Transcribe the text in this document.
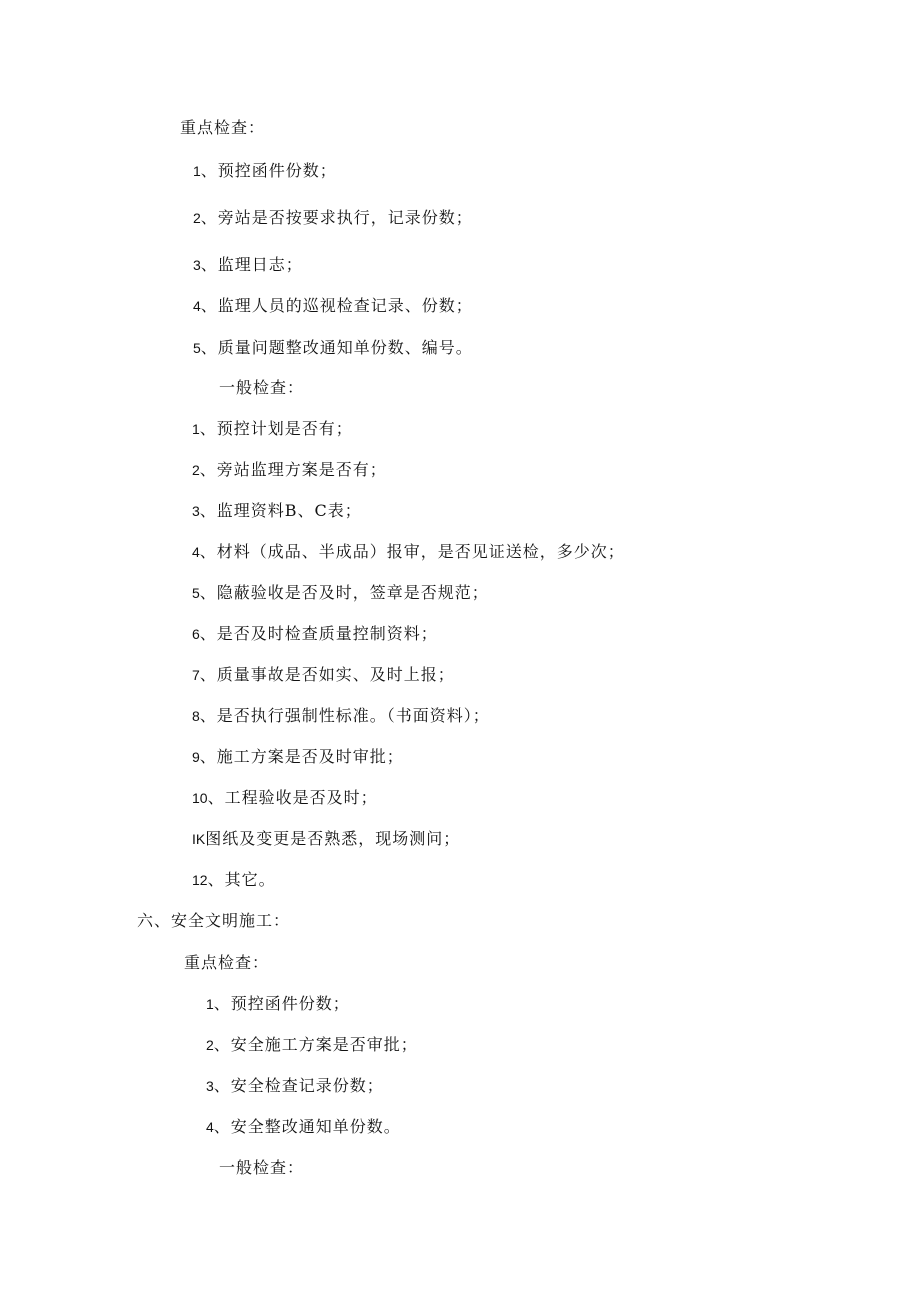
重点检查：
1、预控函件份数；
2、旁站是否按要求执行，记录份数；
3、监理日志；
4、监理人员的巡视检查记录、份数；
5、质量问题整改通知单份数、编号。
一般检查：
1、预控计划是否有；
2、旁站监理方案是否有；
3、监理资料B、C表；
4、材料（成品、半成品）报审，是否见证送检，多少次；
5、隐蔽验收是否及时，签章是否规范；
6、是否及时检查质量控制资料；
7、质量事故是否如实、及时上报；
8、是否执行强制性标准。（书面资料）；
9、施工方案是否及时审批；
10、工程验收是否及时；
IK图纸及变更是否熟悉，现场测问；
12、其它。
六、安全文明施工：
重点检查：
1、预控函件份数；
2、安全施工方案是否审批；
3、安全检查记录份数；
4、安全整改通知单份数。
一般检查：
